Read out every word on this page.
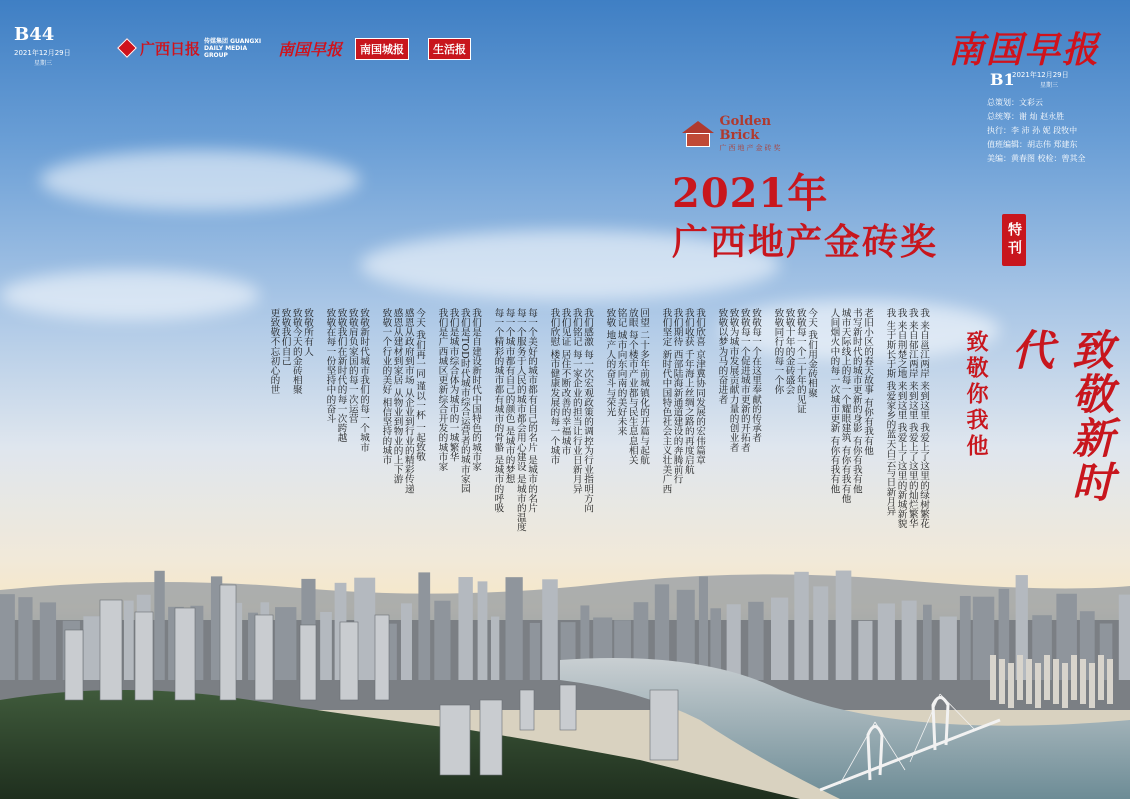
B44
2021年12月29日
星期三
广西日报 传媒集团 GUANGXI DAILY MEDIA GROUP	南国早报	南国城报	生活报	南国早报
B1
2021年12月29日
星期三
总策划：文彩云
总统筹：谢 灿 赵永胜
执行：李 沛 孙 妮 段牧中
值班编辑：胡志伟 郑建东
美编：黄春图 校检：曾其全
Golden Brick
广西地产金砖奖
2021年
广西地产金砖奖	特刊
致敬新时代
致敬你我他
我 来自邕江两岸 来到这里 我爱上了这里的绿树繁花
我 来自郁江两岸 来到这里 我爱上了这里的灿烂繁华
我 来自荆楚之地 来到这里 我爱上了这里的新城新貌
我 生于斯长于斯 我爱家乡的蓝天白云与日新月异
老旧小区的春天故事 有你有我有他
书写新时代的城市更新的身影 有你有我有他
城市天际线上的每一个耀眼建筑 有你有我有他
人间烟火中的每一次城市更新 有你有我有他
今天 我们用金砖相聚
致敬每一个二十年的见证
致敬十年的金砖盛会
致敬同行的每一个你
致敬每一个在这里奉献的传承者
致敬每一个促进城市更新的开拓者
致敬为城市发展贡献力量的创业者
致敬以梦为马的奋进者
我们欣喜 京津冀协同发展的宏伟篇章
我们收获 千年海上丝绸之路的再度启航
我们期待 西部陆海新通道建设的奔腾前行
我们坚定 新时代中国特色社会主义壮美广西
回望 二十多年前城镇化的开篇与起航
放眼 每个楼市产业都与民生息息相关
铭记 城市向东向南的美好未来
致敬 地产人的奋斗与荣光
我们感激 每一次宏观政策的调控为行业指明方向
我们铭记 每一家企业的担当让行业日新月异
我们见证 居住不断改善的幸福城市
我们欣慰 楼市健康发展的每一个城市
每一个美好的城市都有自己的名片 是城市的名片
每一个服务于人民的城市都会用心建设 是城市的温度
每一个城市都有自己的颜色 是城市的梦想
每一个精彩的城市都有城市的骨骼 是城市的呼吸
我们是自建设新时代中国特色的城市家
我们是TOD时代城市综合运营者的城市家园
我们是城市综合体为城市的一城繁华
我们是广西城区更新综合开发的城市家
今天 我们再一同 谨以一杯 一起致敬
感恩从政府到市场 从企业到行业的精彩传递
感恩从建材到家居 从物业到物业的上下游
致敬一个行业的美好 相信坚持的城市
致敬新时代城市我们的每一个城市
致敬肩负家国的每一次运营
致敬我们在新时代的每一次跨越
致敬在每一份坚持中的奋斗
致敬所有人
致敬今天的金砖相聚
致敬我们自己
更致敬不忘初心的世
